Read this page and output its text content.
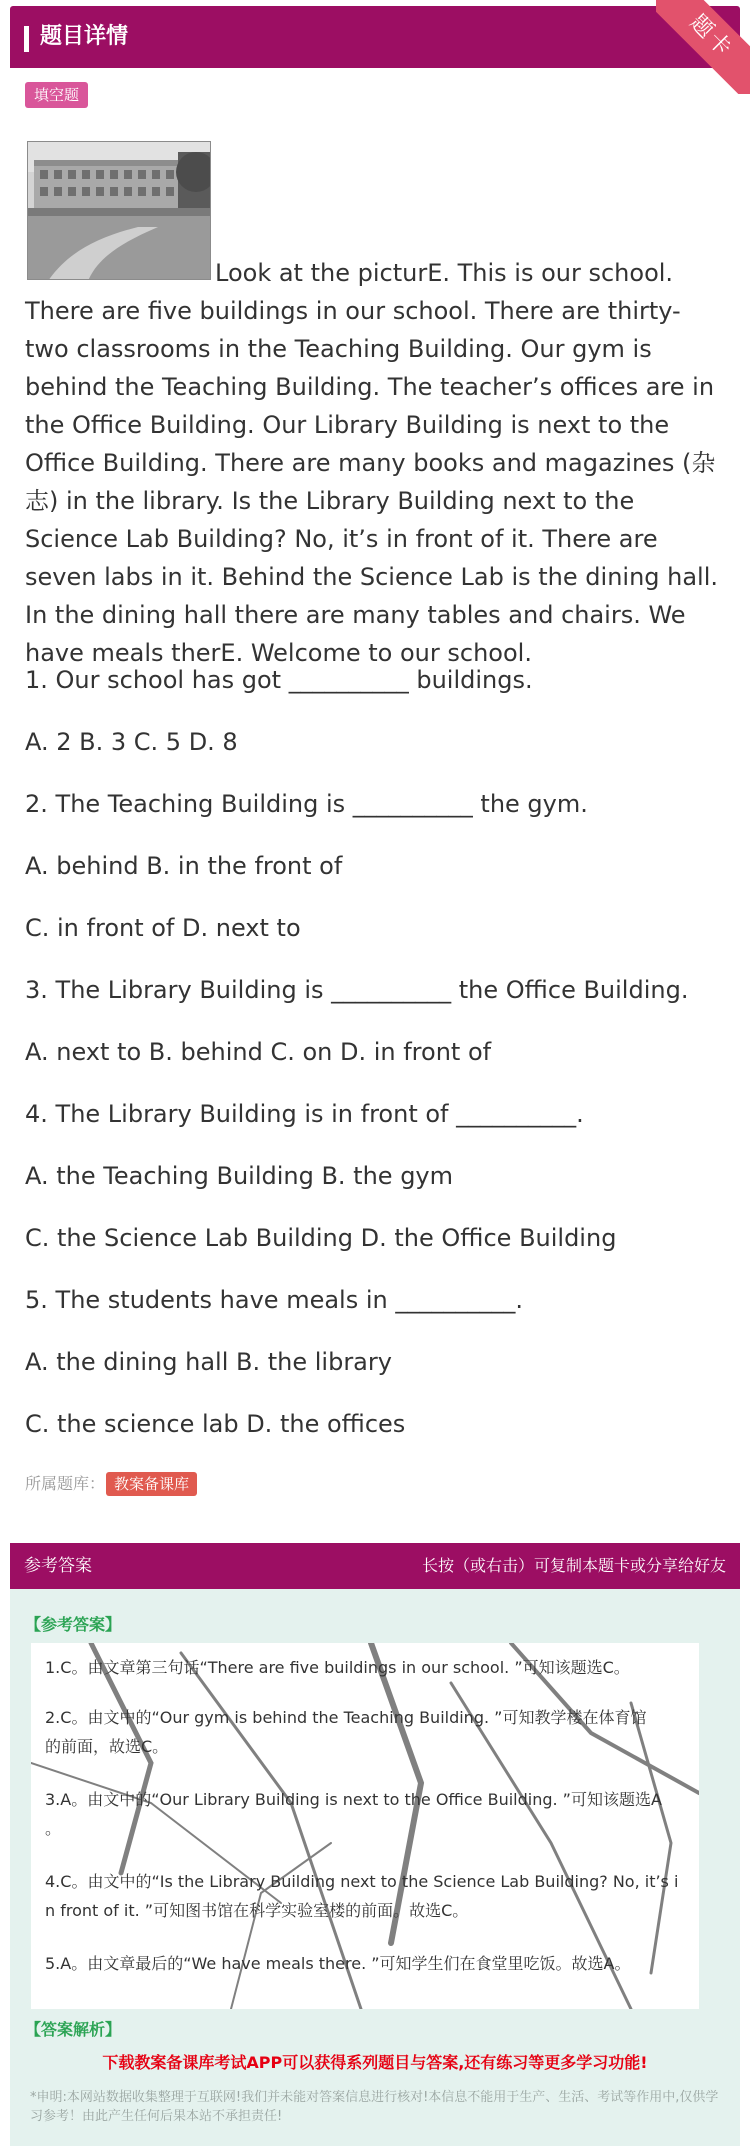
题目详情	题卡
填空题
Look at the picturE. This is our school. There are five buildings in our school. There are thirty- two classrooms in the Teaching Building. Our gym is behind the Teaching Building. The teacher’s offices are in the Office Building. Our Library Building is next to the Office Building. There are many books and magazines (杂志) in the library. Is the Library Building next to the Science Lab Building? No, it’s in front of it. There are seven labs in it. Behind the Science Lab is the dining hall. In the dining hall there are many tables and chairs. We have meals therE. Welcome to our school.
1. Our school has got __________ buildings.
A. 2 B. 3 C. 5 D. 8
2. The Teaching Building is __________ the gym.
A. behind B. in the front of
C. in front of D. next to
3. The Library Building is __________ the Office Building.
A. next to B. behind C. on D. in front of
4. The Library Building is in front of __________.
A. the Teaching Building B. the gym
C. the Science Lab Building D. the Office Building
5. The students have meals in __________.
A. the dining hall B. the library
C. the science lab D. the offices
所属题库： 教案备课库
参考答案	长按（或右击）可复制本题卡或分享给好友
【参考答案】
1.C。由文章第三句话“There are five buildings in our school. ”可知该题选C。
2.C。由文中的“Our gym is behind the Teaching Building. ”可知教学楼在体育馆
的前面，故选C。
3.A。由文中的“Our Library Building is next to the Office Building. ”可知该题选A
。
4.C。由文中的“Is the Library Building next to the Science Lab Building? No, it’s i
n front of it. ”可知图书馆在科学实验室楼的前面。故选C。
5.A。由文章最后的“We have meals there. ”可知学生们在食堂里吃饭。故选A。
【答案解析】
下载教案备课库考试APP可以获得系列题目与答案,还有练习等更多学习功能!
*申明:本网站数据收集整理于互联网!我们并未能对答案信息进行核对!本信息不能用于生产、生活、考试等作用中,仅供学习参考！由此产生任何后果本站不承担责任!
